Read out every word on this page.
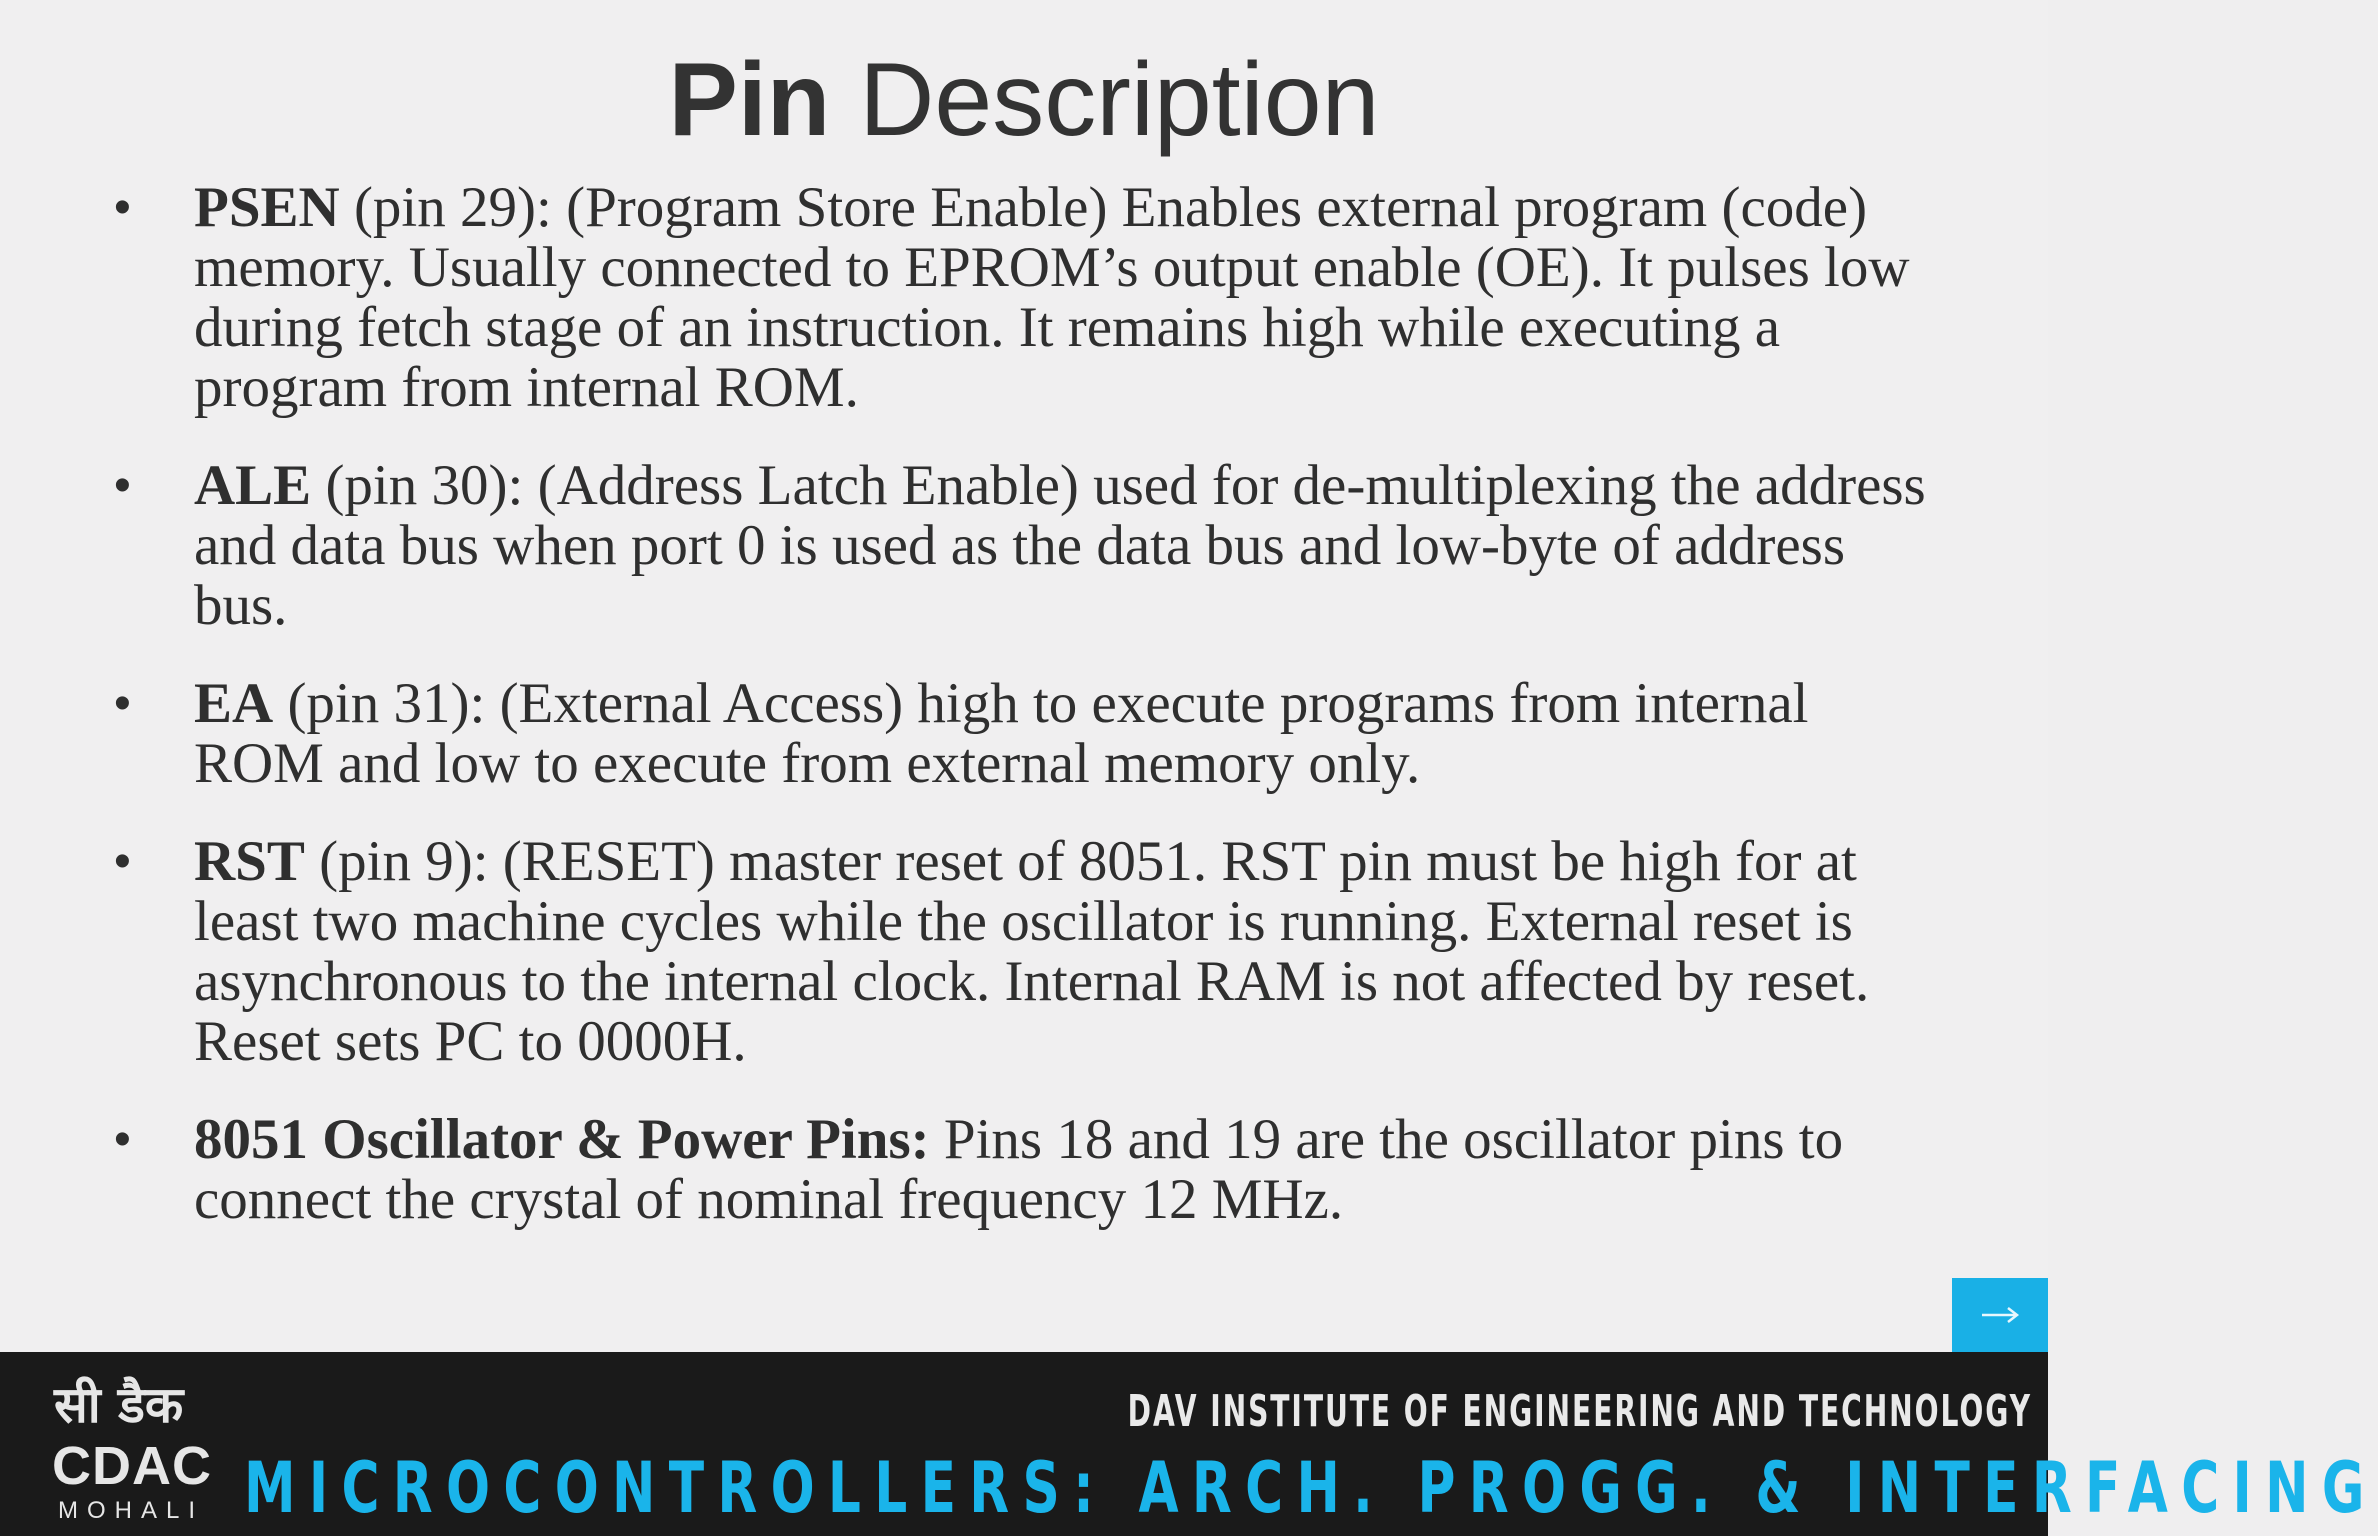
Pin Description
• PSEN (pin 29): (Program Store Enable) Enables external program (code) memory. Usually connected to EPROM’s output enable (OE). It pulses low during fetch stage of an instruction. It remains high while executing a program from internal ROM.
• ALE (pin 30): (Address Latch Enable) used for de-multiplexing the address and data bus when port 0 is used as the data bus and low-byte of address bus.
• EA (pin 31): (External Access) high to execute programs from internal ROM and low to execute from external memory only.
• RST (pin 9): (RESET) master reset of 8051. RST pin must be high for at least two machine cycles while the oscillator is running. External reset is asynchronous to the internal clock. Internal RAM is not affected by reset. Reset sets PC to 0000H.
• 8051 Oscillator & Power Pins: Pins 18 and 19 are the oscillator pins to connect the crystal of nominal frequency 12 MHz.
सी डैक
CDAC
MOHALI
DAV INSTITUTE OF ENGINEERING AND TECHNOLOGY
MICROCONTROLLERS: ARCH. PROGG. & INTERFACING
